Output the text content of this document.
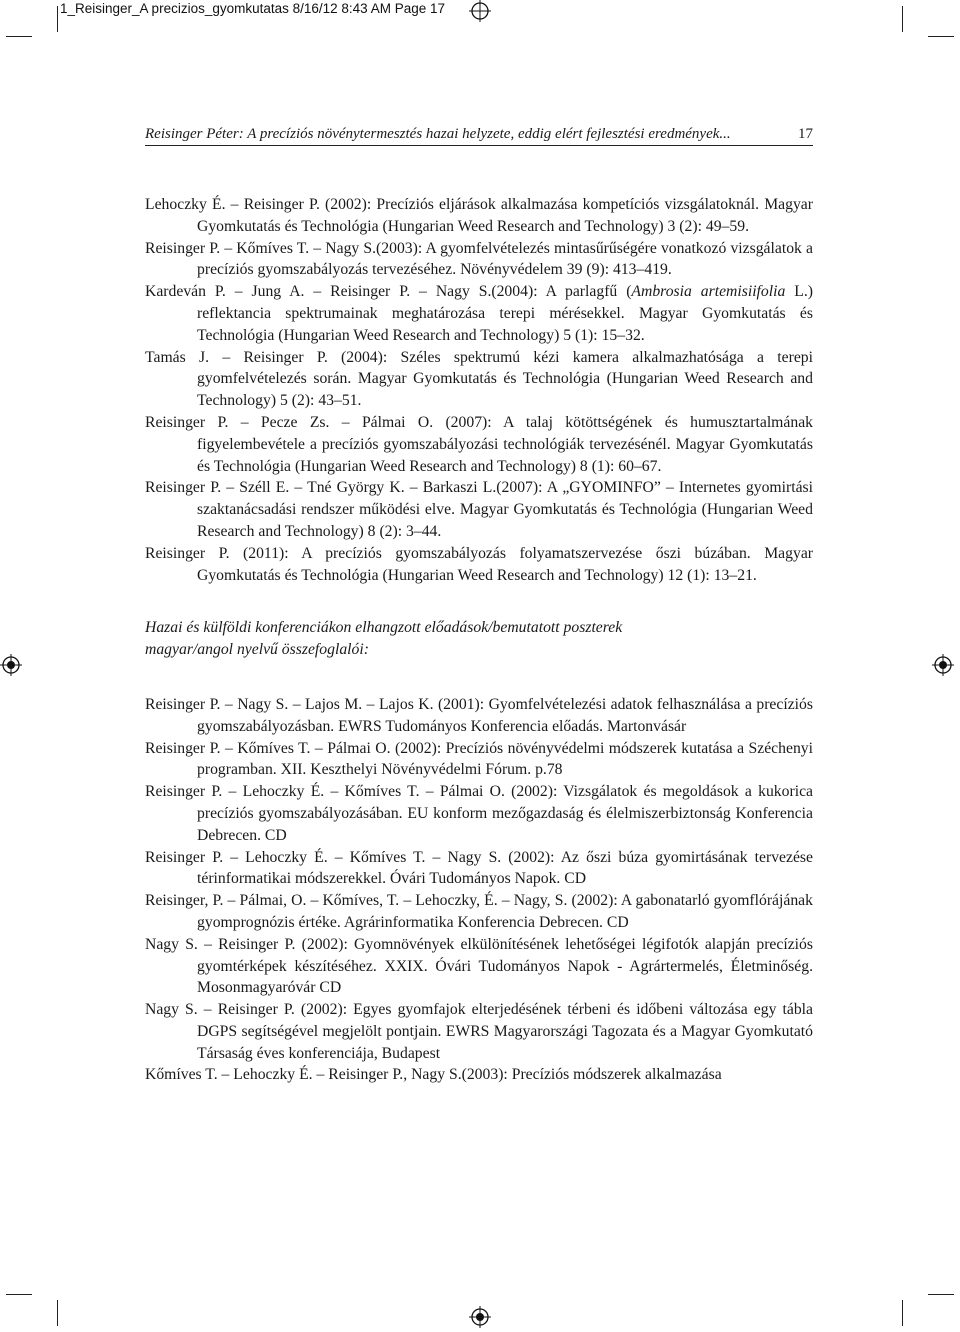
1_Reisinger_A precizios_gyomkutatas 8/16/12 8:43 AM Page 17
Reisinger Péter: A precíziós növénytermesztés hazai helyzete, eddig elért fejlesztési eredmények...	17

Lehoczky É. – Reisinger P. (2002): Precíziós eljárások alkalmazása kompetíciós vizsgálatoknál. Magyar Gyomkutatás és Technológia (Hungarian Weed Research and Technology) 3 (2): 49–59.

Reisinger P. – Kőmíves T. – Nagy S.(2003): A gyomfelvételezés mintasűrűségére vonatkozó vizsgálatok a precíziós gyomszabályozás tervezéséhez. Növényvédelem 39 (9): 413–419.

Kardeván P. – Jung A. – Reisinger P. – Nagy S.(2004): A parlagfű (Ambrosia artemisiifolia L.) reflektancia spektrumainak meghatározása terepi mérésekkel. Magyar Gyomkutatás és Technológia (Hungarian Weed Research and Technology) 5 (1): 15–32.

Tamás J. – Reisinger P. (2004): Széles spektrumú kézi kamera alkalmazhatósága a terepi gyomfelvételezés során. Magyar Gyomkutatás és Technológia (Hungarian Weed Research and Technology) 5 (2): 43–51.

Reisinger P. – Pecze Zs. – Pálmai O. (2007): A talaj kötöttségének és humusztartalmának figyelembevétele a precíziós gyomszabályozási technológiák tervezésénél. Magyar Gyomkutatás és Technológia (Hungarian Weed Research and Technology) 8 (1): 60–67.

Reisinger P. – Széll E. – Tné György K. – Barkaszi L.(2007): A „GYOMINFO” – Internetes gyomirtási szaktanácsadási rendszer működési elve. Magyar Gyomkutatás és Technológia (Hungarian Weed Research and Technology) 8 (2): 3–44.

Reisinger P. (2011): A precíziós gyomszabályozás folyamatszervezése őszi búzában. Magyar Gyomkutatás és Technológia (Hungarian Weed Research and Technology) 12 (1): 13–21.

Hazai és külföldi konferenciákon elhangzott előadások/bemutatott poszterek
magyar/angol nyelvű összefoglalói:

Reisinger P. – Nagy S. – Lajos M. – Lajos K. (2001): Gyomfelvételezési adatok felhasználása a precíziós gyomszabályozásban. EWRS Tudományos Konferencia előadás. Martonvásár

Reisinger P. – Kőmíves T. – Pálmai O. (2002): Precíziós növényvédelmi módszerek kutatása a Széchenyi programban. XII. Keszthelyi Növényvédelmi Fórum. p.78

Reisinger P. – Lehoczky É. – Kőmíves T. – Pálmai O. (2002): Vizsgálatok és megoldások a kukorica precíziós gyomszabályozásában. EU konform mezőgazdaság és élelmiszerbiztonság Konferencia Debrecen. CD

Reisinger P. – Lehoczky É. – Kőmíves T. – Nagy S. (2002): Az őszi búza gyomirtásának tervezése térinformatikai módszerekkel. Óvári Tudományos Napok. CD

Reisinger, P. – Pálmai, O. – Kőmíves, T. – Lehoczky, É. – Nagy, S. (2002): A gabonatarló gyomflórájának gyomprognózis értéke. Agrárinformatika Konferencia Debrecen. CD

Nagy S. – Reisinger P. (2002): Gyomnövények elkülönítésének lehetőségei légifotók alapján precíziós gyomtérképek készítéséhez. XXIX. Óvári Tudományos Napok - Agrártermelés, Életminőség. Mosonmagyaróvár CD

Nagy S. – Reisinger P. (2002): Egyes gyomfajok elterjedésének térbeni és időbeni változása egy tábla DGPS segítségével megjelölt pontjain. EWRS Magyarországi Tagozata és a Magyar Gyomkutató Társaság éves konferenciája, Budapest

Kőmíves T. – Lehoczky É. – Reisinger P., Nagy S.(2003): Precíziós módszerek alkalmazása
